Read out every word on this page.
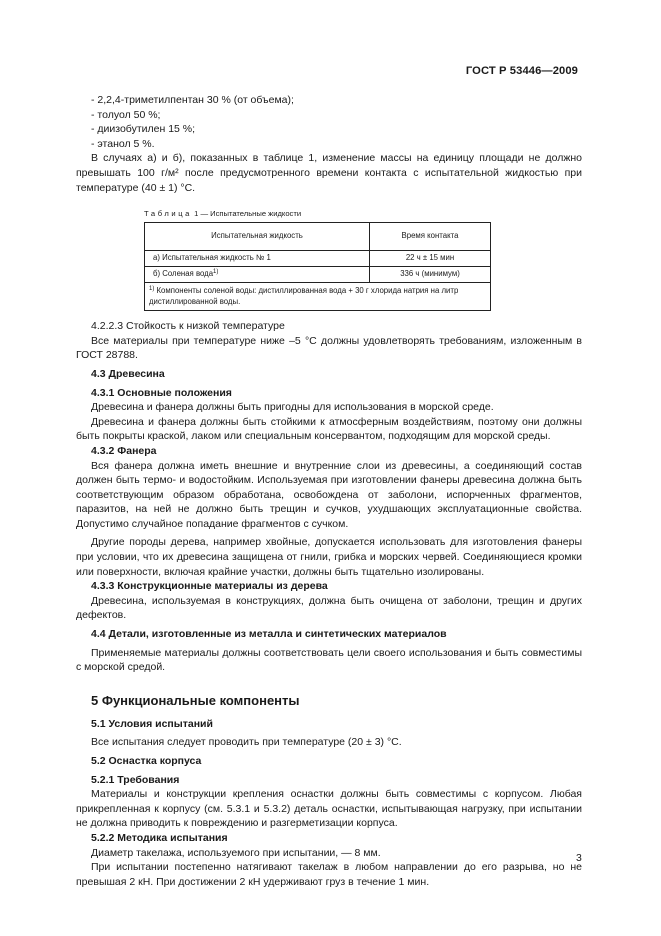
ГОСТ Р 53446—2009

- 2,2,4-триметилпентан 30 % (от объема);

- толуол 50 %;

- диизобутилен 15 %;

- этанол 5 %.

В случаях а) и б), показанных в таблице 1, изменение массы на единицу площади не должно превышать 100 г/м² после предусмотренного времени контакта с испытательной жидкостью при температуре (40 ± 1) °С.

Таблица 1 — Испытательные жидкости
Испытательная жидкость	Время контакта
а) Испытательная жидкость № 1	22 ч ± 15 мин
б) Соленая вода$^{1)}$	336 ч (минимум)
$^{1)}$ Компоненты соленой воды: дистиллированная вода + 30 г хлорида натрия на литр дистиллированной воды.	

4.2.2.3 Стойкость к низкой температуре

Все материалы при температуре ниже –5 °С должны удовлетворять требованиям, изложенным в ГОСТ 28788.

4.3 Древесина

4.3.1 Основные положения

Древесина и фанера должны быть пригодны для использования в морской среде.

Древесина и фанера должны быть стойкими к атмосферным воздействиям, поэтому они должны быть покрыты краской, лаком или специальным консервантом, подходящим для морской среды.

4.3.2 Фанера

Вся фанера должна иметь внешние и внутренние слои из древесины, а соединяющий состав должен быть термо- и водостойким. Используемая при изготовлении фанеры древесина должна быть соответствующим образом обработана, освобождена от заболони, испорченных фрагментов, паразитов, на ней не должно быть трещин и сучков, ухудшающих эксплуатационные свойства. Допустимо случайное попадание фрагментов с сучком.

Другие породы дерева, например хвойные, допускается использовать для изготовления фанеры при условии, что их древесина защищена от гнили, грибка и морских червей. Соединяющиеся кромки или поверхности, включая крайние участки, должны быть тщательно изолированы.

4.3.3 Конструкционные материалы из дерева

Древесина, используемая в конструкциях, должна быть очищена от заболони, трещин и других дефектов.

4.4 Детали, изготовленные из металла и синтетических материалов

Применяемые материалы должны соответствовать цели своего использования и быть совместимы с морской средой.

5 Функциональные компоненты

5.1 Условия испытаний

Все испытания следует проводить при температуре (20 ± 3) °С.

5.2 Оснастка корпуса

5.2.1 Требования

Материалы и конструкции крепления оснастки должны быть совместимы с корпусом. Любая прикрепленная к корпусу (см. 5.3.1 и 5.3.2) деталь оснастки, испытывающая нагрузку, при испытании не должна приводить к повреждению и разгерметизации корпуса.

5.2.2 Методика испытания

Диаметр такелажа, используемого при испытании, — 8 мм.

При испытании постепенно натягивают такелаж в любом направлении до его разрыва, но не превышая 2 кН. При достижении 2 кН удерживают груз в течение 1 мин.

3
